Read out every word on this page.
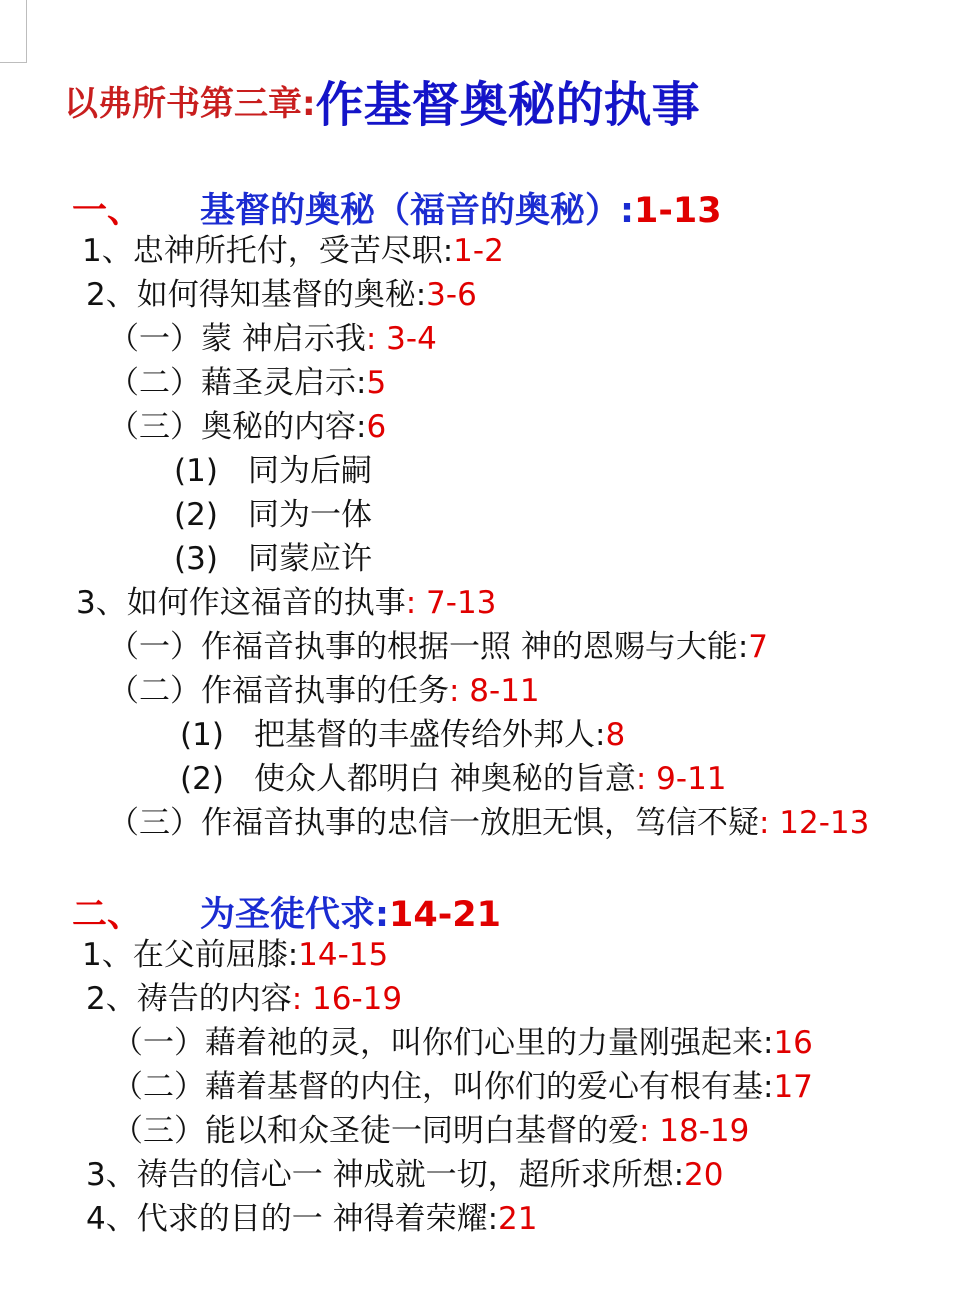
以弗所书第三章:作基督奥秘的执事
一、 基督的奥秘（福音的奥秘）:1-13
1、忠神所托付，受苦尽职:1-2
2、如何得知基督的奥秘:3-6
（一）蒙 神启示我: 3-4
（二）藉圣灵启示:5
（三）奥秘的内容:6
(1) 同为后嗣
(2) 同为一体
(3) 同蒙应许
3、如何作这福音的执事: 7-13
（一）作福音执事的根据一照 神的恩赐与大能:7
（二）作福音执事的任务: 8-11
(1) 把基督的丰盛传给外邦人:8
(2) 使众人都明白 神奥秘的旨意: 9-11
（三）作福音执事的忠信一放胆无惧，笃信不疑: 12-13
二、 为圣徒代求:14-21
1、在父前屈膝:14-15
2、祷告的内容: 16-19
（一）藉着祂的灵，叫你们心里的力量刚强起来:16
（二）藉着基督的内住，叫你们的爱心有根有基:17
（三）能以和众圣徒一同明白基督的爱: 18-19
3、祷告的信心一 神成就一切，超所求所想:20
4、代求的目的一 神得着荣耀:21
